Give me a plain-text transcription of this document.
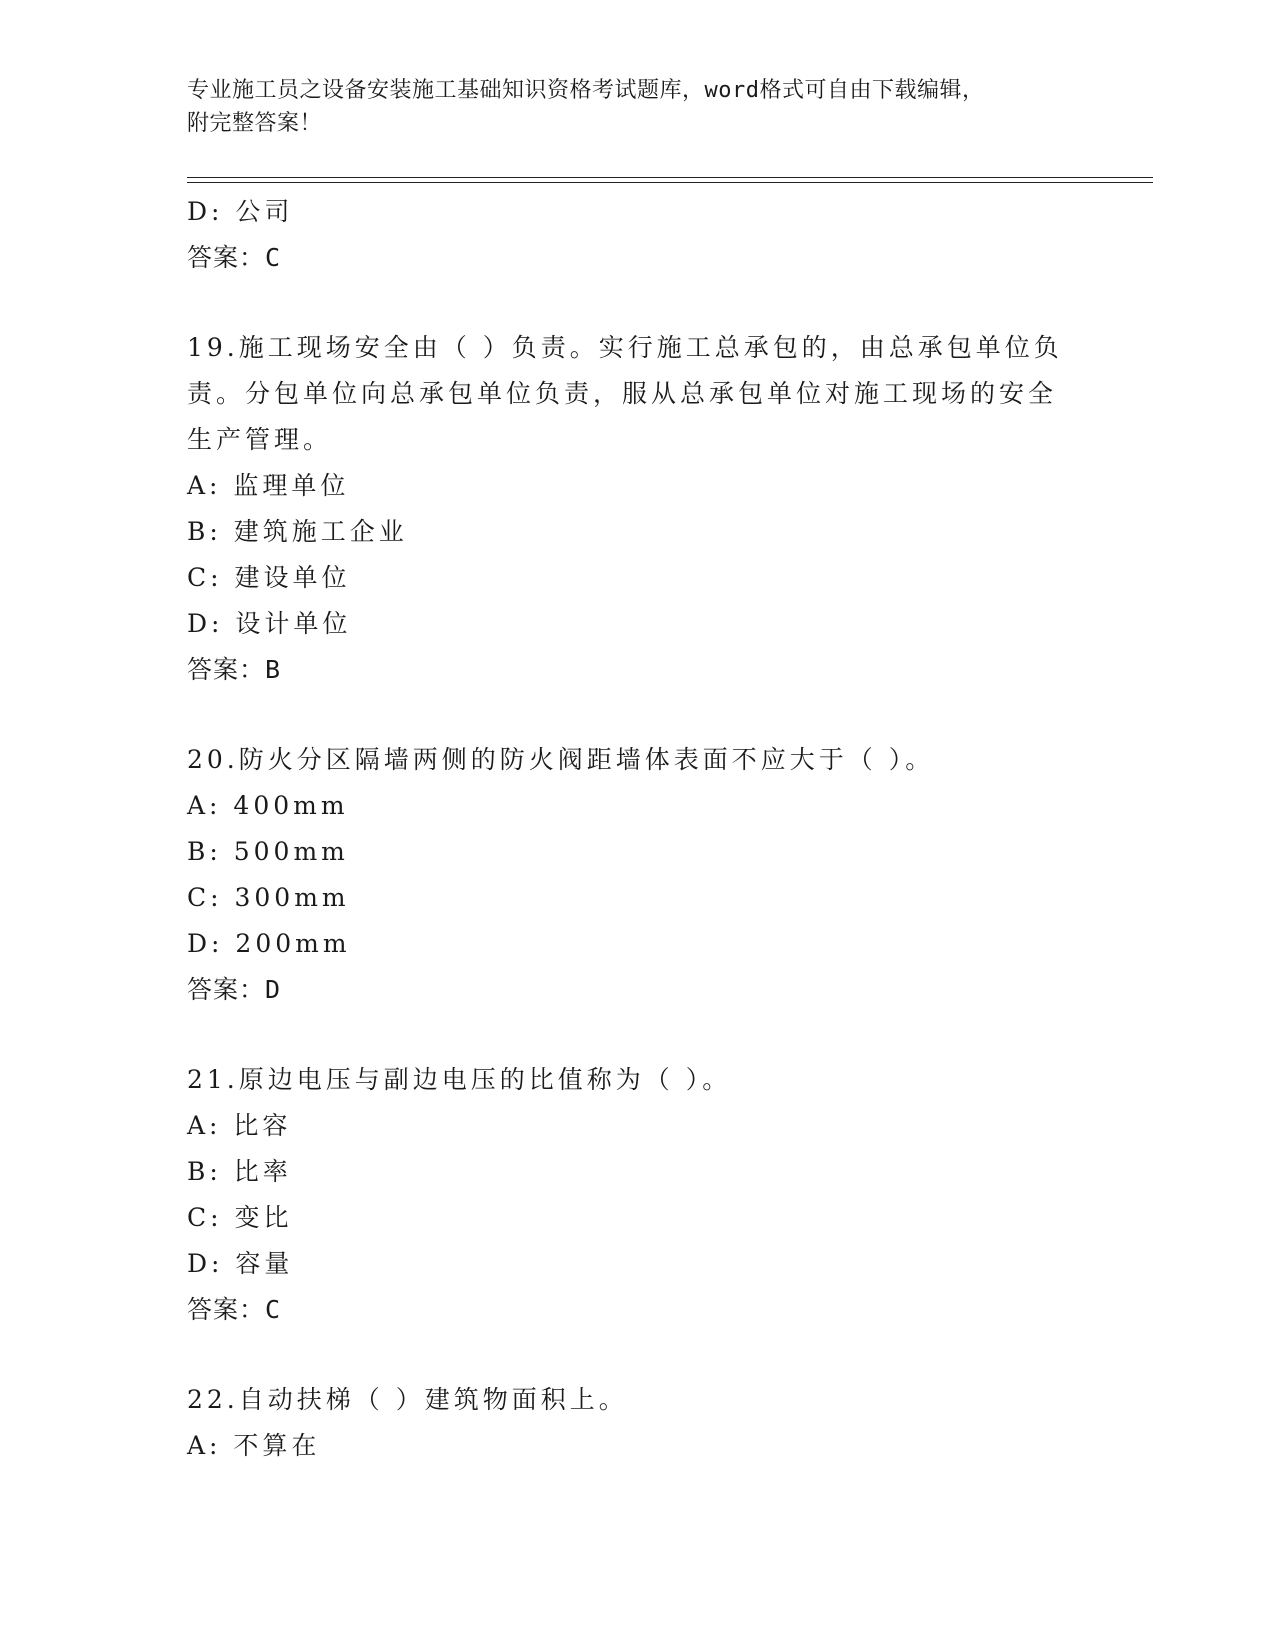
专业施工员之设备安装施工基础知识资格考试题库，word格式可自由下载编辑，
附完整答案！
D: 公司
答案：C
19.施工现场安全由（ ）负责。实行施工总承包的，由总承包单位负
责。分包单位向总承包单位负责，服从总承包单位对施工现场的安全
生产管理。
A: 监理单位
B: 建筑施工企业
C: 建设单位
D: 设计单位
答案：B
20.防火分区隔墙两侧的防火阀距墙体表面不应大于（ ）。
A: 400mm
B: 500mm
C: 300mm
D: 200mm
答案：D
21.原边电压与副边电压的比值称为（ ）。
A: 比容
B: 比率
C: 变比
D: 容量
答案：C
22.自动扶梯（ ）建筑物面积上。
A: 不算在
